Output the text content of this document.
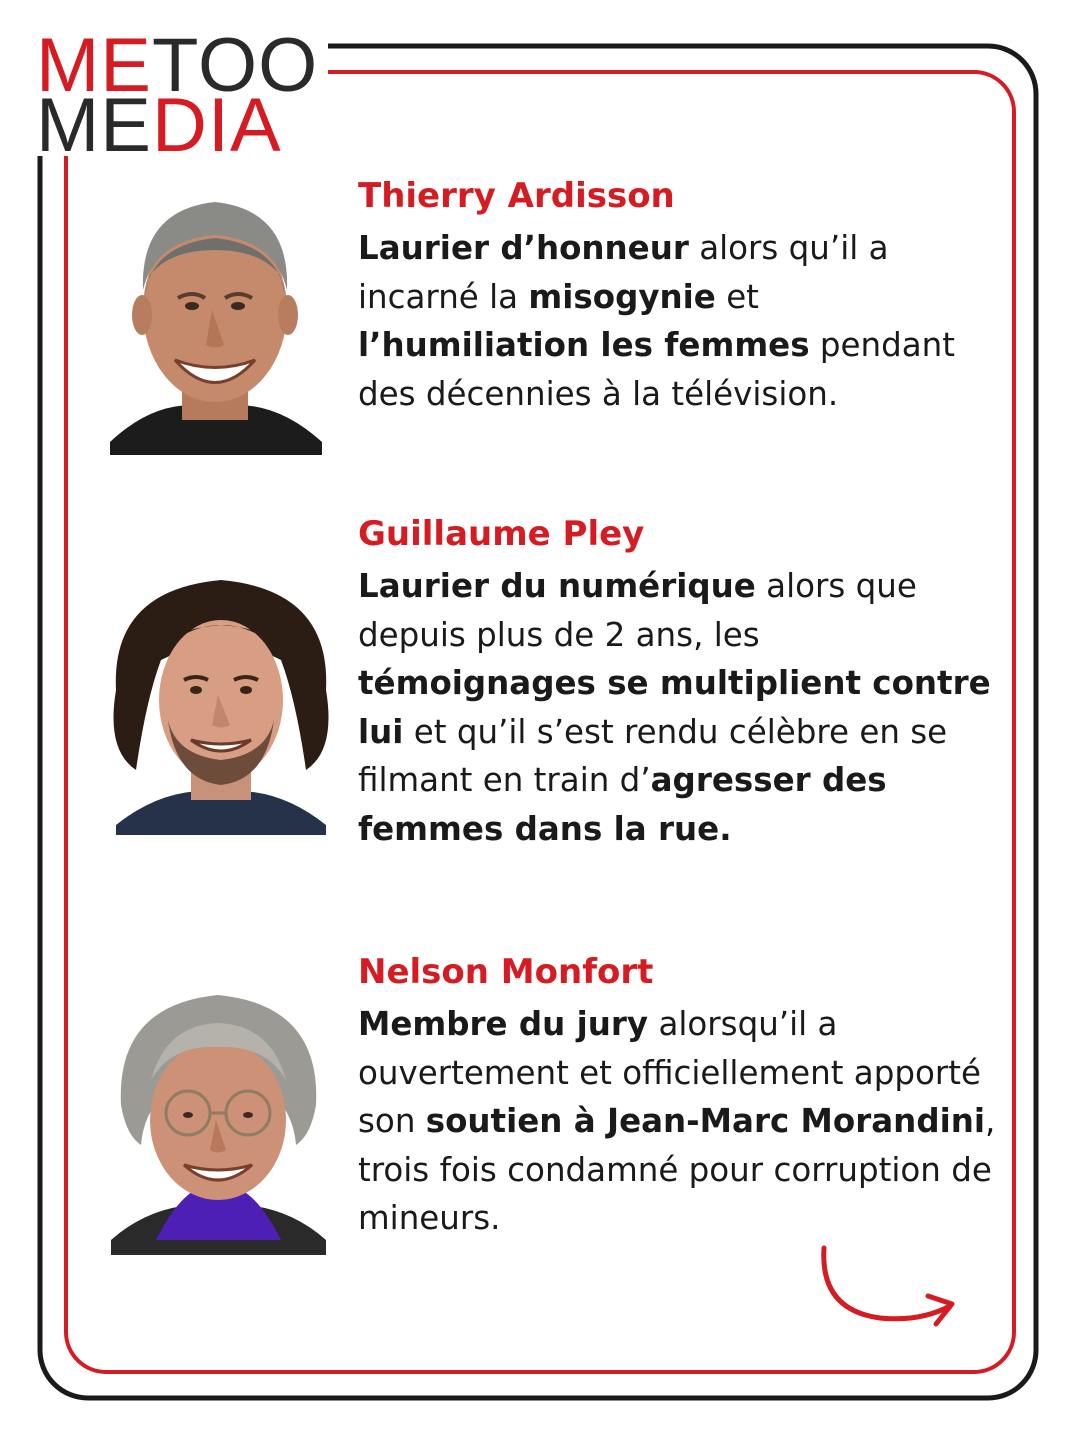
METOO
MEDIA

Thierry Ardisson

Laurier d’honneur alors qu’il a incarné la misogynie et l’humiliation les femmes pendant des décennies à la télévision.

Guillaume Pley

Laurier du numérique alors que depuis plus de 2 ans, les témoignages se multiplient contre lui et qu’il s’est rendu célèbre en se filmant en train d’agresser des femmes dans la rue.

Nelson Monfort

Membre du jury alorsqu’il a ouvertement et officiellement apporté son soutien à Jean-Marc Morandini, trois fois condamné pour corruption de mineurs.
